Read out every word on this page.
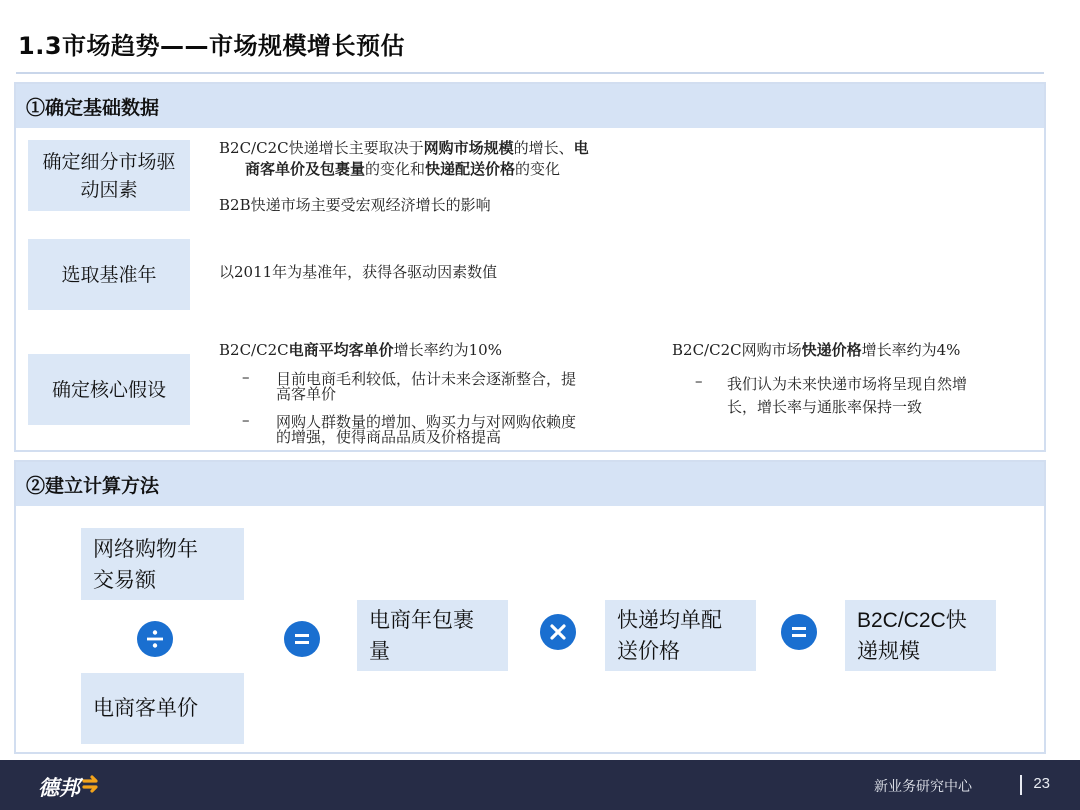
1.3市场趋势——市场规模增长预估
①确定基础数据
确定细分市场驱动因素
选取基准年
确定核心假设
B2C/C2C快递增长主要取决于网购市场规模的增长、电
商客单价及包裹量的变化和快递配送价格的变化
B2B快递市场主要受宏观经济增长的影响
以2011年为基准年，获得各驱动因素数值
B2C/C2C电商平均客单价增长率约为10%
– 目前电商毛利较低，估计未来会逐渐整合，提
高客单价
– 网购人群数量的增加、购买力与对网购依赖度
的增强，使得商品品质及价格提高
B2C/C2C网购市场快递价格增长率约为4%
– 我们认为未来快递市场将呈现自然增
长，增长率与通胀率保持一致
②建立计算方法
网络购物年
交易额
电商客单价
电商年包裹
量
快递均单配
送价格
B2C/C2C快
递规模
德邦	新业务研究中心	23
